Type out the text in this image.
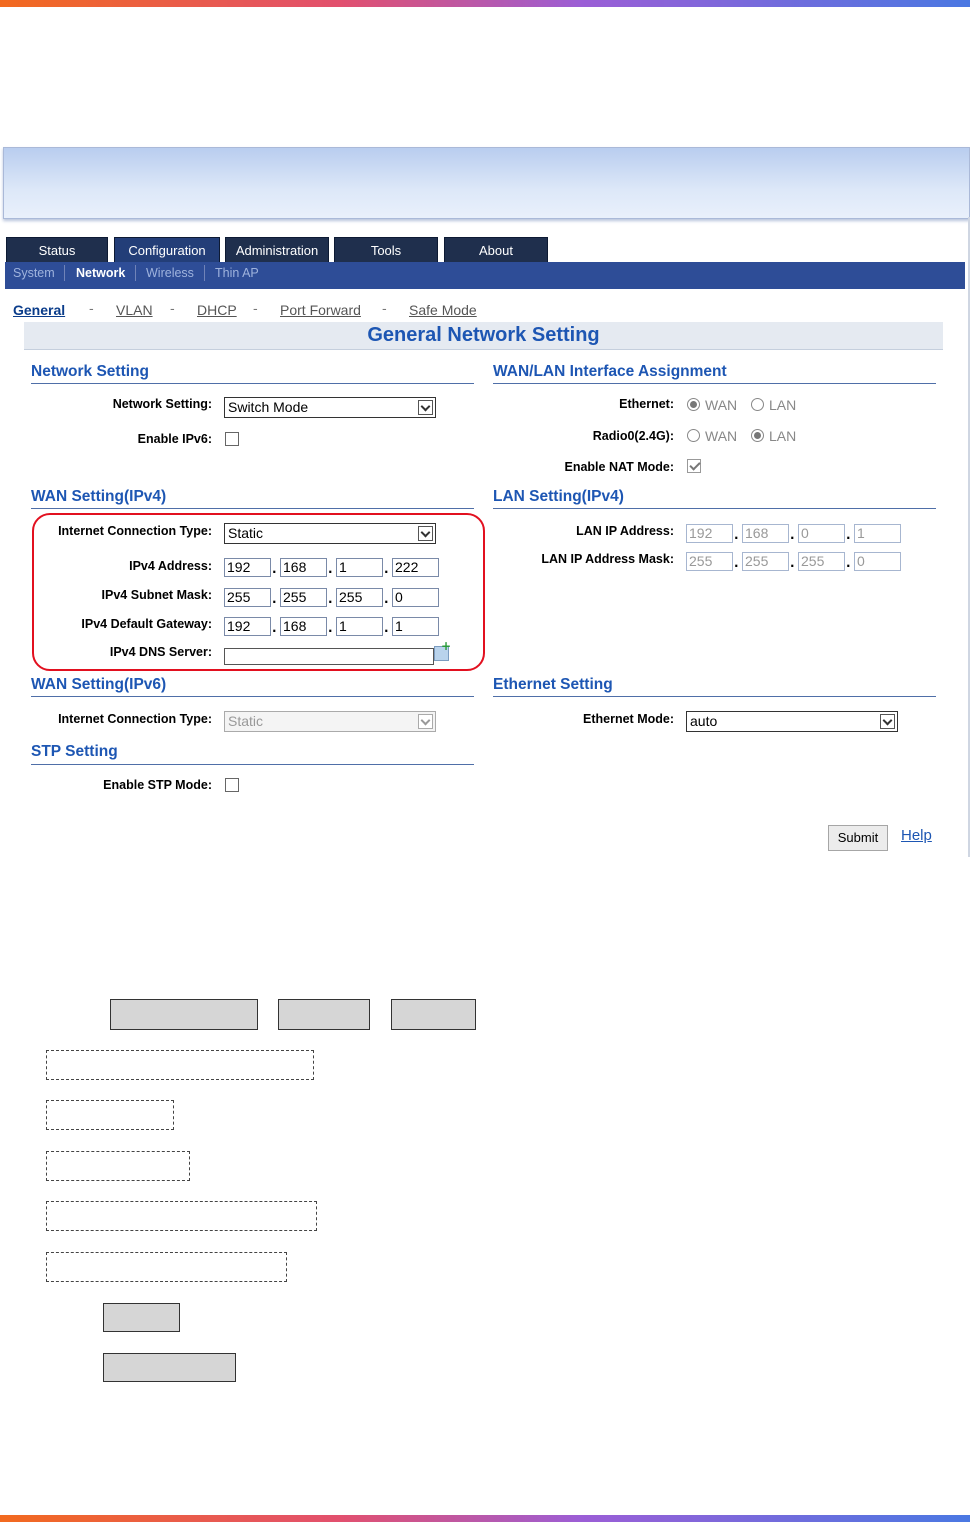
Status	Configuration	Administration	Tools	About
System Network Wireless Thin AP
General - VLAN - DHCP - Port Forward - Safe Mode
General Network Setting
Network Setting
Network Setting: Switch Mode
Enable IPv6:
WAN/LAN Interface Assignment
Ethernet: WAN LAN
Radio0(2.4G): WAN LAN
Enable NAT Mode:
WAN Setting(IPv4)
Internet Connection Type: Static
IPv4 Address: 192	. 168	. 1	. 222
IPv4 Subnet Mask: 255	. 255	. 255	. 0
IPv4 Default Gateway: 192	. 168	. 1	. 1
IPv4 DNS Server:
+
LAN Setting(IPv4)
LAN IP Address: 192	. 168	. 0	. 1
LAN IP Address Mask: 255	. 255	. 255	. 0
WAN Setting(IPv6)
Internet Connection Type: Static
Ethernet Setting
Ethernet Mode: auto
STP Setting
Enable STP Mode:
Submit	Help
